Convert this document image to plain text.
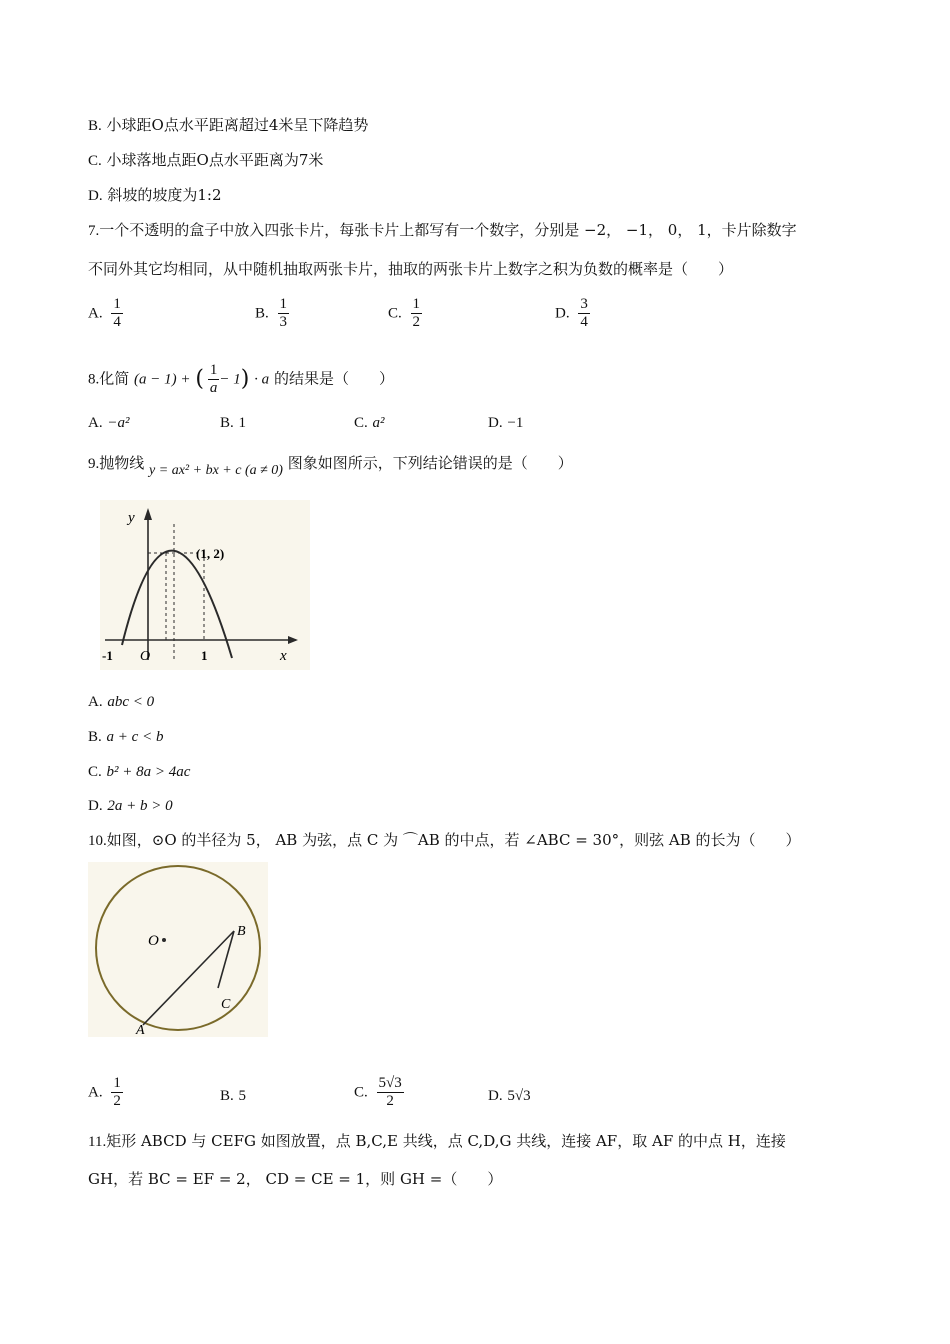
B. 小球距O点水平距离超过4米呈下降趋势
C. 小球落地点距O点水平距离为7米
D. 斜坡的坡度为1:2
7.一个不透明的盒子中放入四张卡片，每张卡片上都写有一个数字，分别是 −2， −1， 0， 1，卡片除数字
不同外其它均相同，从中随机抽取两张卡片，抽取的两张卡片上数字之积为负数的概率是（　　）
A. $\frac{1}{4}$	B. $\frac{1}{3}$	C. $\frac{1}{2}$	D. $\frac{3}{4}$
8.化简 (a − 1) + ( $\frac{1}{a} - 1) \cdot a$ 的结果是（　　）
A. −a²	B. 1	C. a²	D. −1
9.抛物线 y = ax² + bx + c (a ≠ 0) 图象如图所示，下列结论错误的是（　　）
y
x
(1, 2)
-1 O	1
A. abc < 0
B. a + c < b
C. b² + 8a > 4ac
D. 2a + b > 0
10.如图，⊙O 的半径为 5， AB 为弦，点 C 为 ⌒AB 的中点，若 ∠ABC = 30°，则弦 AB 的长为（　　）
O
A
B
C
A. $\frac{1}{2}$	B. 5	C. $\frac{5√3}{2}$	D. 5√3
11.矩形 ABCD 与 CEFG 如图放置，点 B,C,E 共线，点 C,D,G 共线，连接 AF，取 AF 的中点 H，连接
GH，若 BC = EF = 2， CD = CE = 1，则 GH =（　　）
